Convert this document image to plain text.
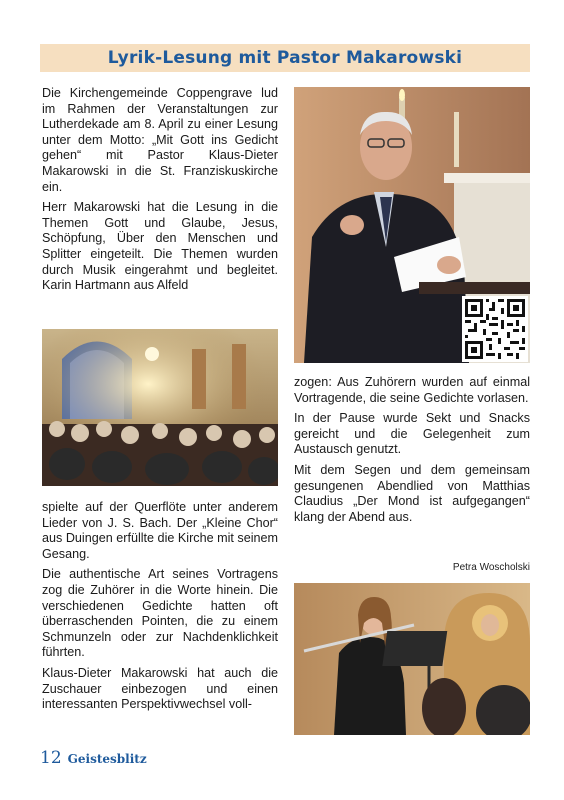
Lyrik-Lesung mit Pastor Makarowski

Die Kirchengemeinde Coppengrave lud im Rahmen der Veranstaltungen zur Lutherdekade am 8. April zu einer Lesung unter dem Motto: „Mit Gott ins Gedicht gehen“ mit Pastor Klaus-Dieter Makarowski in die St. Franziskuskirche ein.

Herr Makarowski hat die Lesung in die Themen Gott und Glaube, Jesus, Schöpfung, Über den Menschen und Splitter eingeteilt. Die Themen wurden durch Musik eingerahmt und begleitet. Karin Hartmann aus Alfeld

spielte auf der Querflöte unter anderem Lieder von J. S. Bach. Der „Kleine Chor“ aus Duingen erfüllte die Kirche mit seinem Gesang.

Die authentische Art seines Vortragens zog die Zuhörer in die Worte hinein. Die verschiedenen Gedichte hatten oft überraschenden Pointen, die zu einem Schmunzeln oder zur Nachdenklichkeit führten.

Klaus-Dieter Makarowski hat auch die Zuschauer einbezogen und einen interessanten Perspektivwechsel voll-

zogen: Aus Zuhörern wurden auf einmal Vortragende, die seine Gedichte vorlasen.

In der Pause wurde Sekt und Snacks gereicht und die Gelegenheit zum Austausch genutzt.

Mit dem Segen und dem gemeinsam gesungenen Abendlied von Matthias Claudius „Der Mond ist aufgegangen“ klang der Abend aus.

Petra Woscholski
12 Geistesblitz
